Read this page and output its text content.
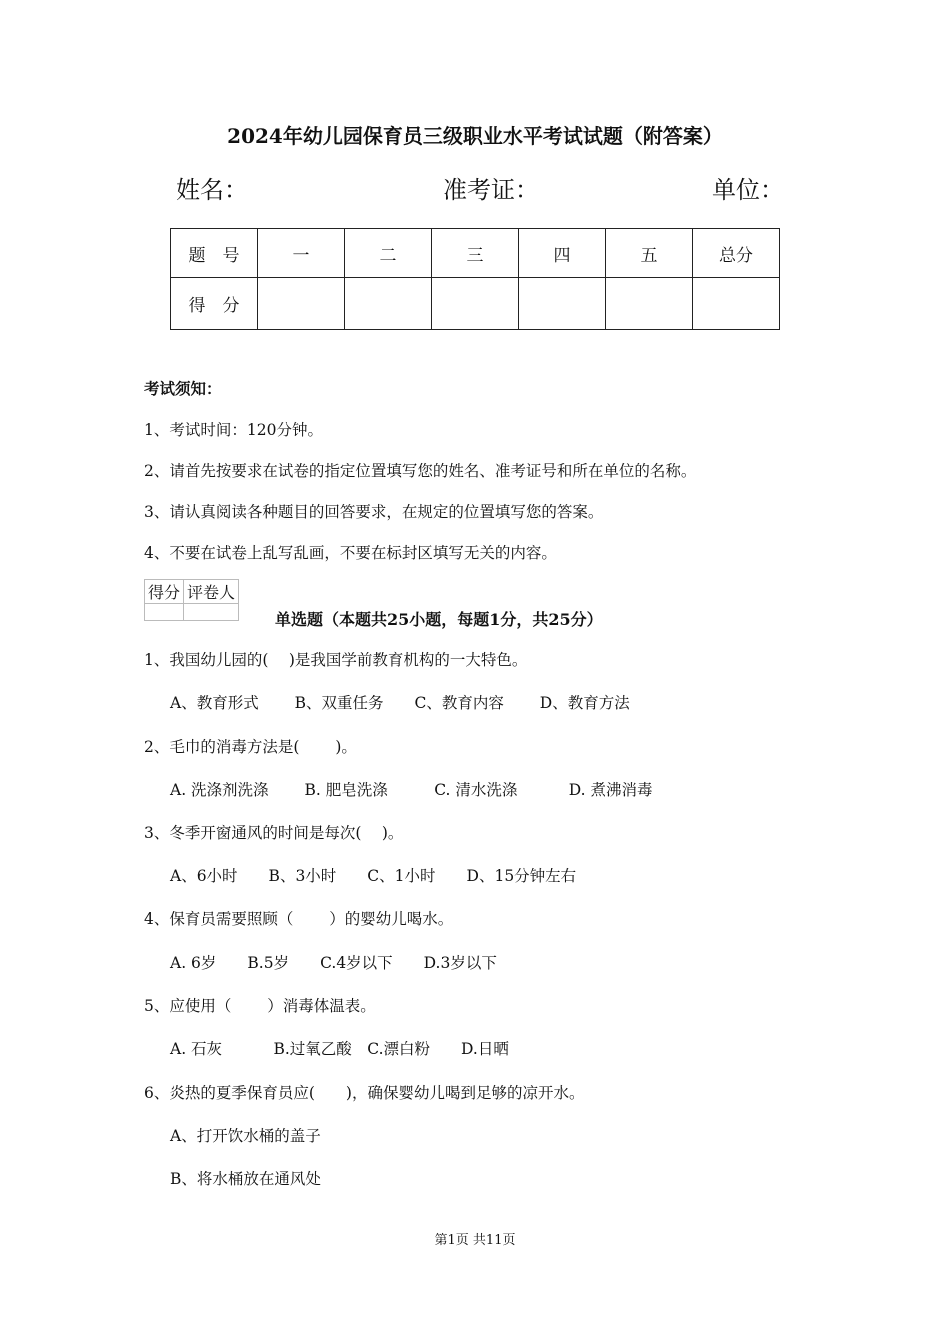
2024年幼儿园保育员三级职业水平考试试题（附答案）
姓名：	准考证：	单位：
题　号	一	二	三	四	五	总分
得　分						
考试须知：
1、考试时间：120分钟。
2、请首先按要求在试卷的指定位置填写您的姓名、准考证号和所在单位的名称。
3、请认真阅读各种题目的回答要求，在规定的位置填写您的答案。
4、不要在试卷上乱写乱画，不要在标封区填写无关的内容。
得分	评卷人

单选题（本题共25小题，每题1分，共25分）
1、我国幼儿园的(　 )是我国学前教育机构的一大特色。
A、教育形式　　 B、双重任务　　C、教育内容　　 D、教育方法
2、毛巾的消毒方法是(　　 )。
A. 洗涤剂洗涤　　 B. 肥皂洗涤　　　C. 清水洗涤　　　 D. 煮沸消毒
3、冬季开窗通风的时间是每次(　 )。
A、6小时　　B、3小时　　C、1小时　　D、15分钟左右
4、保育员需要照顾（　　 ）的婴幼儿喝水。
A. 6岁　　B.5岁　　C.4岁以下　　D.3岁以下
5、应使用（　　 ）消毒体温表。
A. 石灰　　　 B.过氧乙酸　C.漂白粉　　D.日晒
6、炎热的夏季保育员应(　　)，确保婴幼儿喝到足够的凉开水。
A、打开饮水桶的盖子
B、将水桶放在通风处
第1页 共11页
